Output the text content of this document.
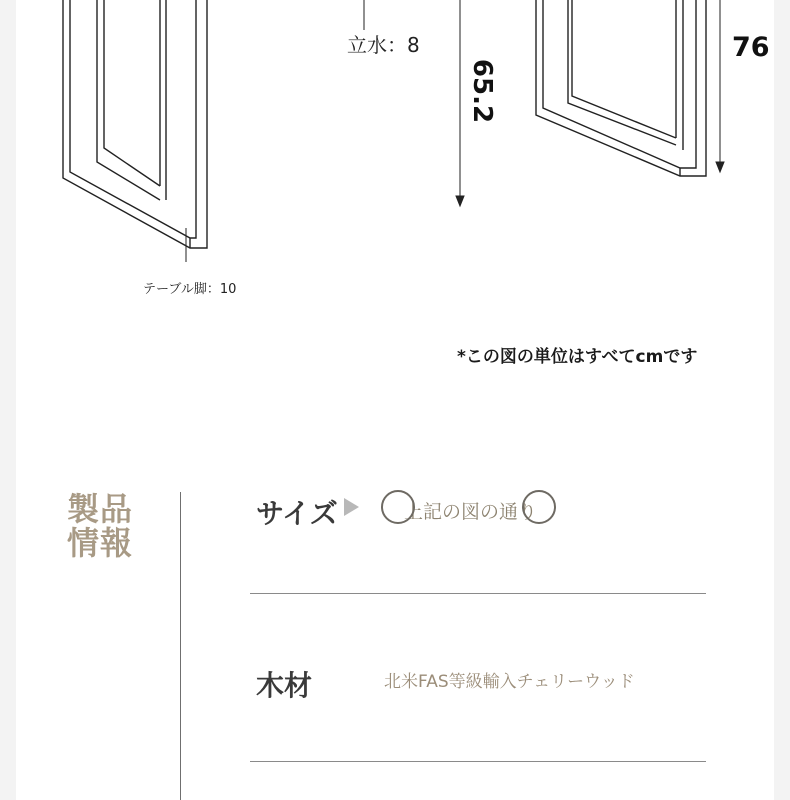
テーブル脚：10
立水：8
65.2
76
*この図の単位はすべてcmです
製品情報
サイズ	上記の図の通り
木材	北米FAS等級輸入チェリーウッド
